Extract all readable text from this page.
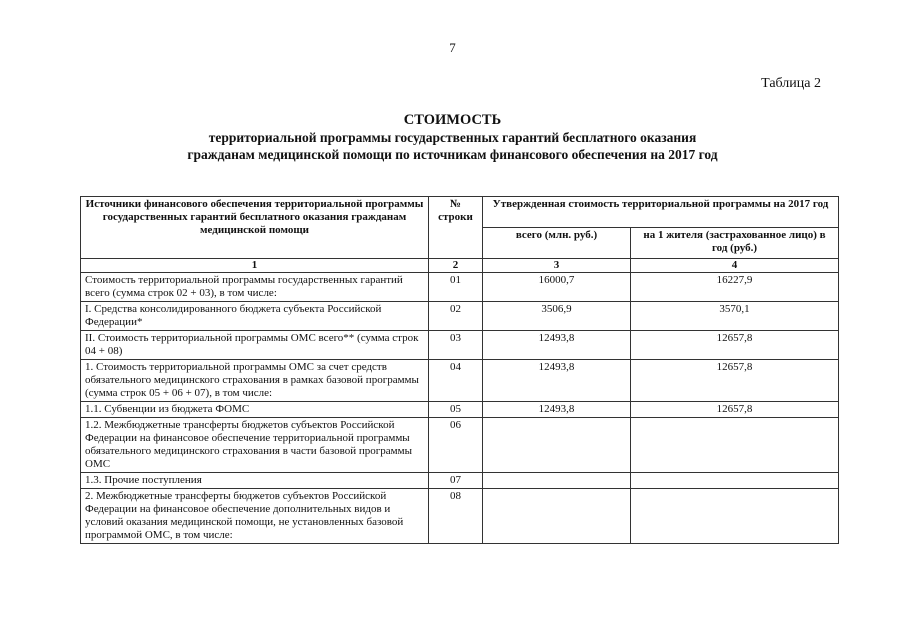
7
Таблица 2
СТОИМОСТЬ
территориальной программы государственных гарантий бесплатного оказания
гражданам медицинской помощи по источникам финансового обеспечения на 2017 год
Источники финансового обеспечения территориальной программы государственных гарантий бесплатного оказания гражданам медицинской помощи	№ строки	Утвержденная стоимость территориальной программы на 2017 год	
		всего (млн. руб.)	на 1 жителя (застрахованное лицо) в год (руб.)
1	2	3	4
Стоимость территориальной программы государственных гарантий всего (сумма строк 02 + 03), в том числе:	01	16000,7	16227,9
I. Средства консолидированного бюджета субъекта Российской Федерации*	02	3506,9	3570,1
II. Стоимость территориальной программы ОМС всего** (сумма строк 04 + 08)	03	12493,8	12657,8
1. Стоимость территориальной программы ОМС за счет средств обязательного медицинского страхования в рамках базовой программы (сумма строк 05 + 06 + 07), в том числе:	04	12493,8	12657,8
1.1. Субвенции из бюджета ФОМС	05	12493,8	12657,8
1.2. Межбюджетные трансферты бюджетов субъектов Российской Федерации на финансовое обеспечение территориальной программы обязательного медицинского страхования в части базовой программы ОМС	06		
1.3. Прочие поступления	07		
2. Межбюджетные трансферты бюджетов субъектов Российской Федерации на финансовое обеспечение дополнительных видов и условий оказания медицинской помощи, не установленных базовой программой ОМС, в том числе:	08		
